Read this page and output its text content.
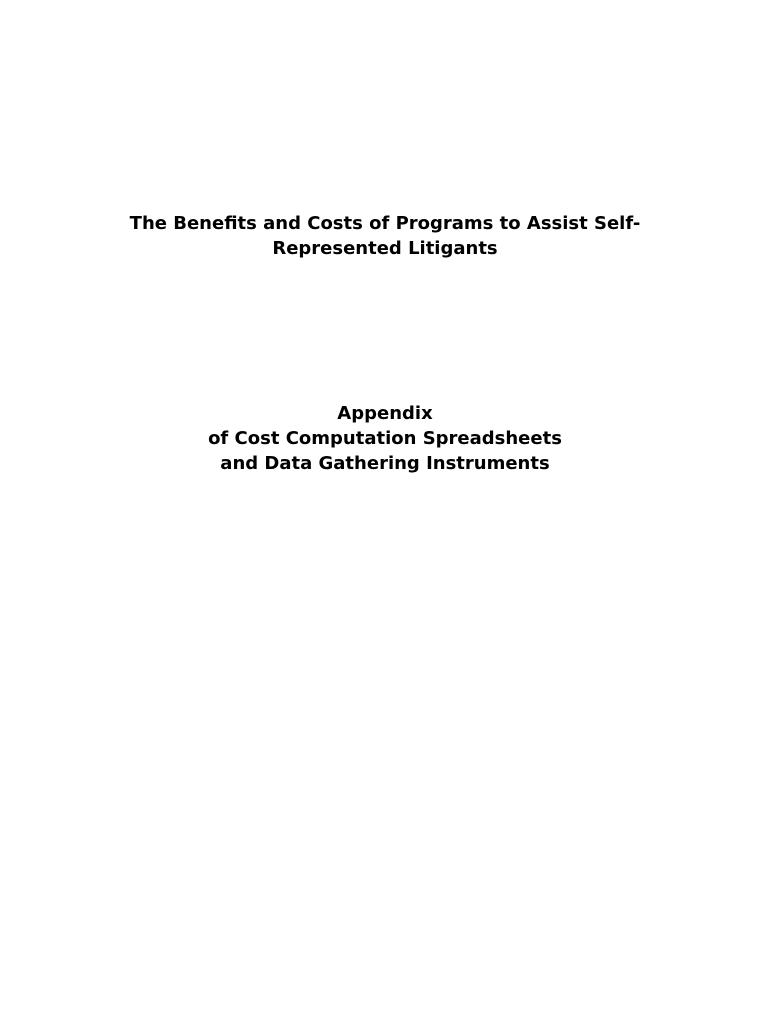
The Benefits and Costs of Programs to Assist Self-
Represented Litigants
Appendix
of Cost Computation Spreadsheets
and Data Gathering Instruments
